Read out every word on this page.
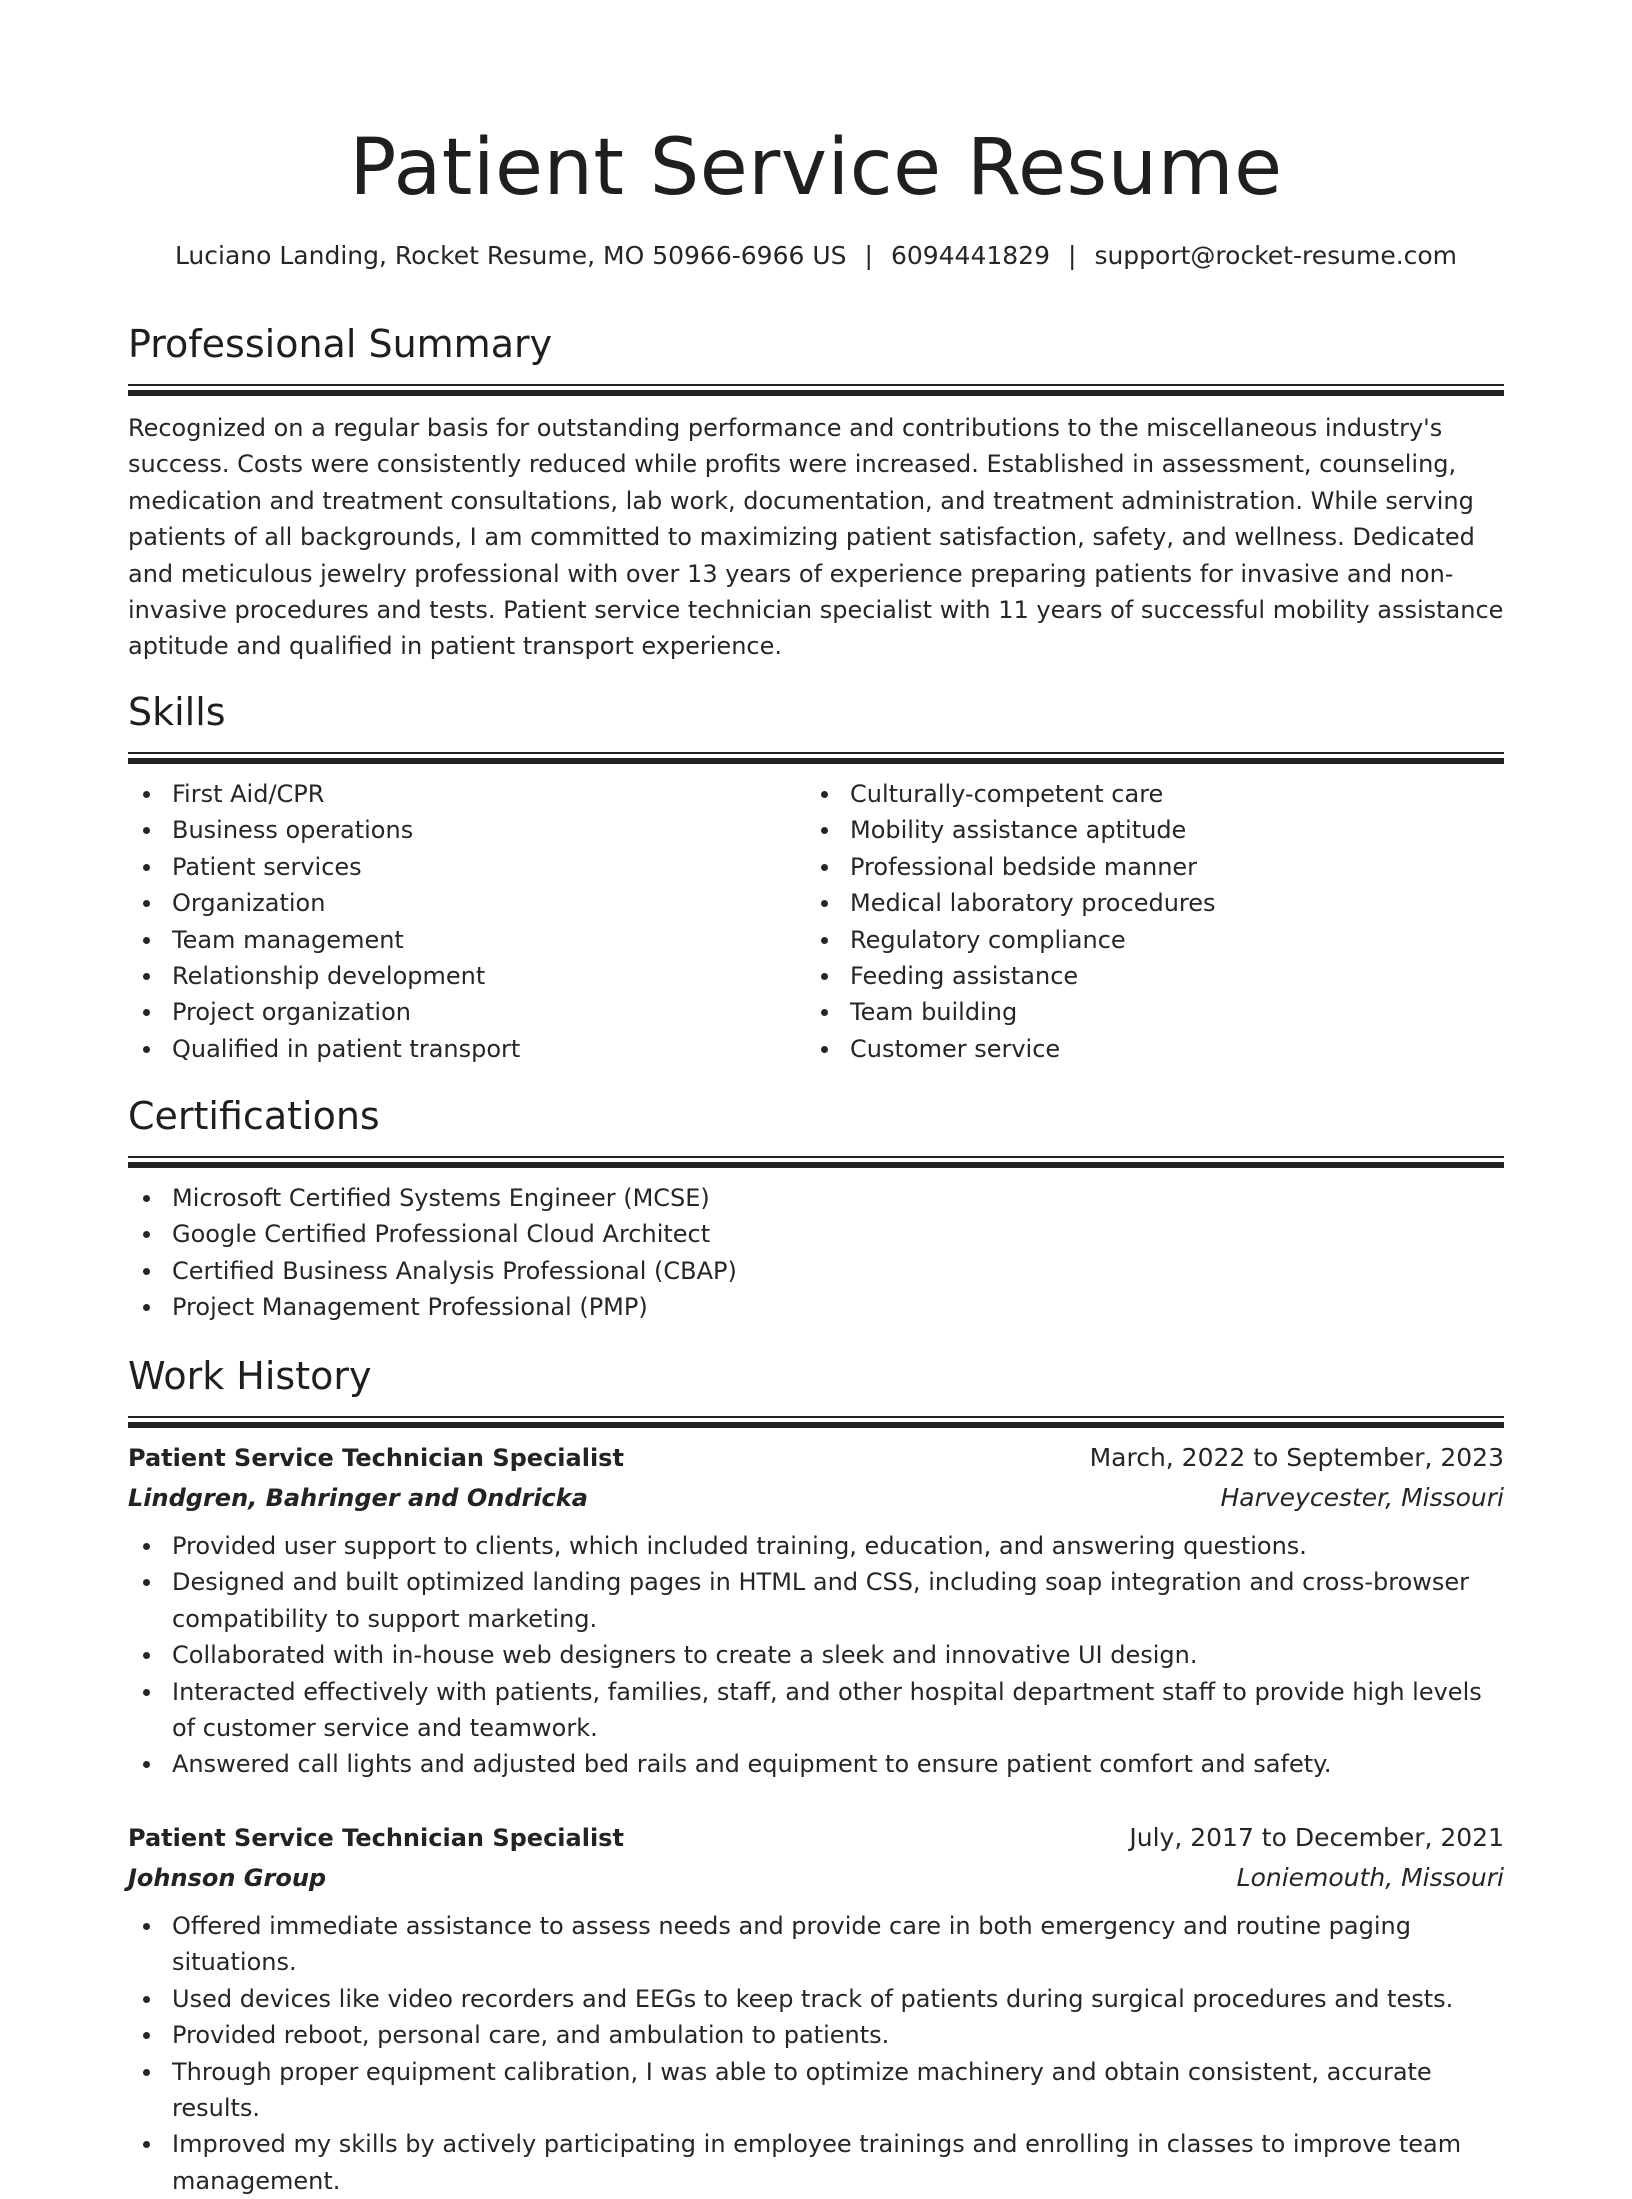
Patient Service Resume
Luciano Landing, Rocket Resume, MO 50966-6966 US | 6094441829 | support@rocket-resume.com
Professional Summary

Recognized on a regular basis for outstanding performance and contributions to the miscellaneous industry's success. Costs were consistently reduced while profits were increased. Established in assessment, counseling, medication and treatment consultations, lab work, documentation, and treatment administration. While serving patients of all backgrounds, I am committed to maximizing patient satisfaction, safety, and wellness. Dedicated and meticulous jewelry professional with over 13 years of experience preparing patients for invasive and non-invasive procedures and tests. Patient service technician specialist with 11 years of successful mobility assistance aptitude and qualified in patient transport experience.

Skills
First Aid/CPR
Business operations
Patient services
Organization
Team management
Relationship development
Project organization
Qualified in patient transport
Culturally-competent care
Mobility assistance aptitude
Professional bedside manner
Medical laboratory procedures
Regulatory compliance
Feeding assistance
Team building
Customer service
Certifications
Microsoft Certified Systems Engineer (MCSE)
Google Certified Professional Cloud Architect
Certified Business Analysis Professional (CBAP)
Project Management Professional (PMP)
Work History
Patient Service Technician Specialist	March, 2022 to September, 2023
Lindgren, Bahringer and Ondricka	Harveycester, Missouri
Provided user support to clients, which included training, education, and answering questions.
Designed and built optimized landing pages in HTML and CSS, including soap integration and cross-browser compatibility to support marketing.
Collaborated with in-house web designers to create a sleek and innovative UI design.
Interacted effectively with patients, families, staff, and other hospital department staff to provide high levels of customer service and teamwork.
Answered call lights and adjusted bed rails and equipment to ensure patient comfort and safety.
Patient Service Technician Specialist	July, 2017 to December, 2021
Johnson Group	Loniemouth, Missouri
Offered immediate assistance to assess needs and provide care in both emergency and routine paging situations.
Used devices like video recorders and EEGs to keep track of patients during surgical procedures and tests.
Provided reboot, personal care, and ambulation to patients.
Through proper equipment calibration, I was able to optimize machinery and obtain consistent, accurate results.
Improved my skills by actively participating in employee trainings and enrolling in classes to improve team management.
